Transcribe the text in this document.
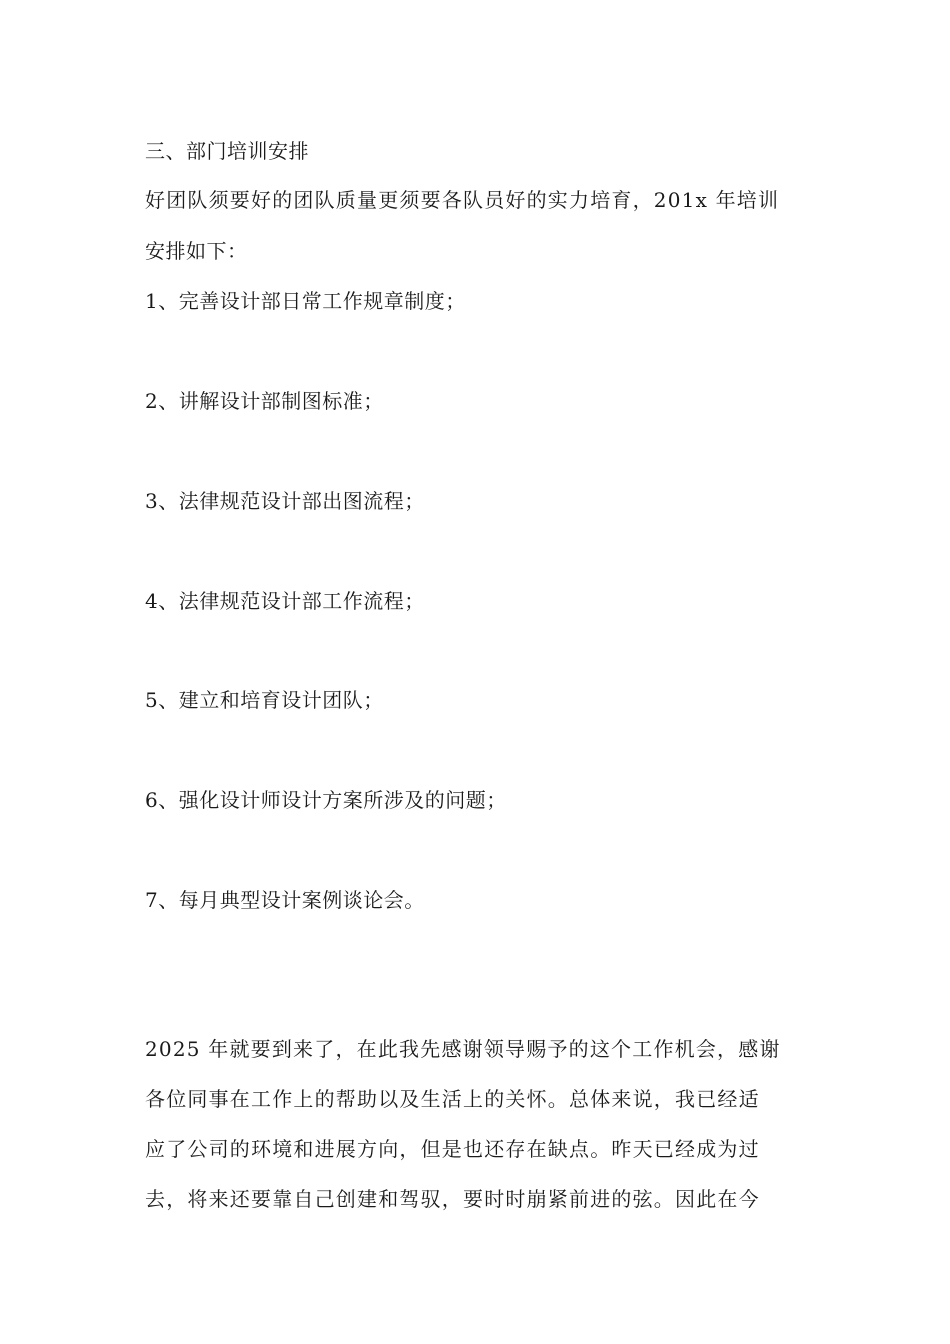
三、部门培训安排
好团队须要好的团队质量更须要各队员好的实力培育，201x 年培训
安排如下：
1、完善设计部日常工作规章制度；
2、讲解设计部制图标准；
3、法律规范设计部出图流程；
4、法律规范设计部工作流程；
5、建立和培育设计团队；
6、强化设计师设计方案所涉及的问题；
7、每月典型设计案例谈论会。
2025 年就要到来了，在此我先感谢领导赐予的这个工作机会，感谢
各位同事在工作上的帮助以及生活上的关怀。总体来说，我已经适
应了公司的环境和进展方向，但是也还存在缺点。昨天已经成为过
去，将来还要靠自己创建和驾驭，要时时崩紧前进的弦。因此在今
